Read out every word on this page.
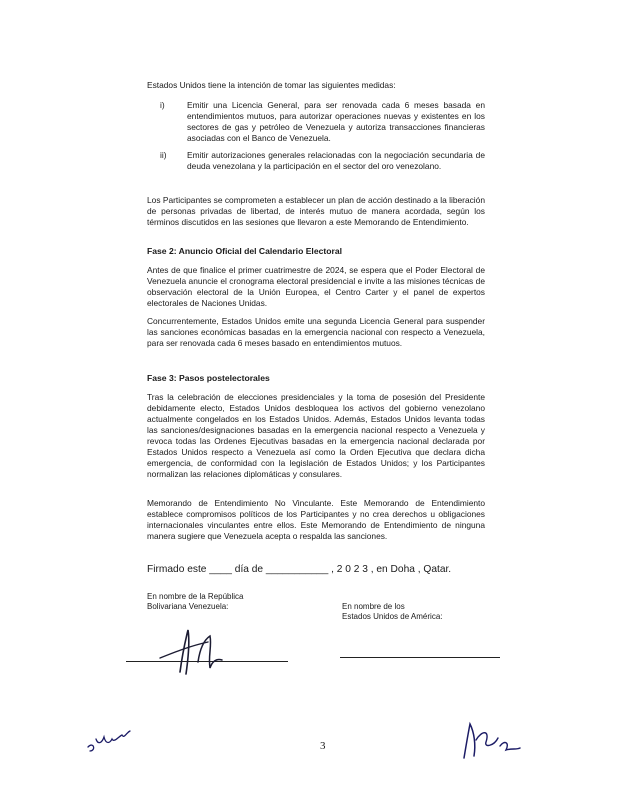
Estados Unidos tiene la intención de tomar las siguientes medidas:

i)	Emitir una Licencia General, para ser renovada cada 6 meses basada en entendimientos mutuos, para autorizar operaciones nuevas y existentes en los sectores de gas y petróleo de Venezuela y autoriza transacciones financieras asociadas con el Banco de Venezuela.
ii) Emitir autorizaciones generales relacionadas con la negociación secundaria de deuda venezolana y la participación en el sector del oro venezolano.

Los Participantes se comprometen a establecer un plan de acción destinado a la liberación de personas privadas de libertad, de interés mutuo de manera acordada, según los términos discutidos en las sesiones que llevaron a este Memorando de Entendimiento.

Fase 2: Anuncio Oficial del Calendario Electoral

Antes de que finalice el primer cuatrimestre de 2024, se espera que el Poder Electoral de Venezuela anuncie el cronograma electoral presidencial e invite a las misiones técnicas de observación electoral de la Unión Europea, el Centro Carter y el panel de expertos electorales de Naciones Unidas.

Concurrentemente, Estados Unidos emite una segunda Licencia General para suspender las sanciones económicas basadas en la emergencia nacional con respecto a Venezuela, para ser renovada cada 6 meses basado en entendimientos mutuos.

Fase 3: Pasos postelectorales

Tras la celebración de elecciones presidenciales y la toma de posesión del Presidente debidamente electo, Estados Unidos desbloquea los activos del gobierno venezolano actualmente congelados en los Estados Unidos. Además, Estados Unidos levanta todas las sanciones/designaciones basadas en la emergencia nacional respecto a Venezuela y revoca todas las Ordenes Ejecutivas basadas en la emergencia nacional declarada por Estados Unidos respecto a Venezuela así como la Orden Ejecutiva que declara dicha emergencia, de conformidad con la legislación de Estados Unidos; y los Participantes normalizan las relaciones diplomáticas y consulares.

Memorando de Entendimiento No Vinculante. Este Memorando de Entendimiento establece compromisos políticos de los Participantes y no crea derechos u obligaciones internacionales vinculantes entre ellos. Este Memorando de Entendimiento de ninguna manera sugiere que Venezuela acepta o respalda las sanciones.

Firmado este ____ día de ___________ , 2 0 2 3 , en Doha , Qatar.
En nombre de la República
Bolivariana Venezuela:	En nombre de los
Estados Unidos de América:
3
